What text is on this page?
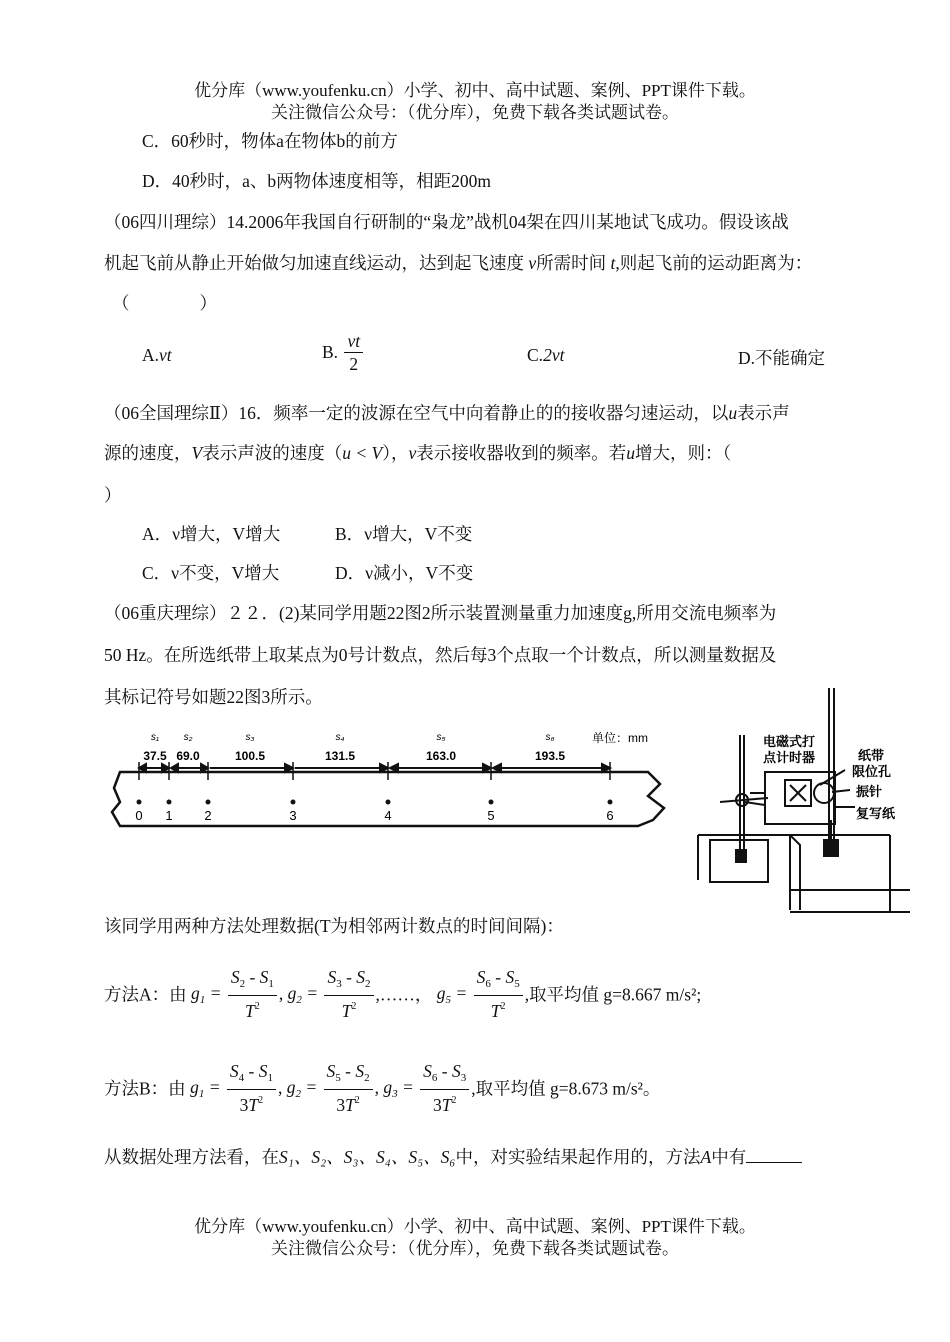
优分库（www.youfenku.cn）小学、初中、高中试题、案例、PPT课件下载。
关注微信公众号：（优分库），免费下载各类试题试卷。
C．60秒时，物体a在物体b的前方
D．40秒时，a、b两物体速度相等，相距200m
（06四川理综）14.2006年我国自行研制的“枭龙”战机04架在四川某地试飞成功。假设该战
机起飞前从静止开始做匀加速直线运动，达到起飞速度 v所需时间 t,则起飞前的运动距离为：
（　　　　）
A.vt	B. $\frac{vt}{2}$	C.2vt	D.不能确定
（06全国理综Ⅱ）16．频率一定的波源在空气中向着静止的的接收器匀速运动，以u表示声
源的速度，V表示声波的速度（u < V），ν表示接收器收到的频率。若u增大，则：（
）
A．ν增大，V增大	B．ν增大，V不变
C．ν不变，V增大	D．ν减小，V不变
（06重庆理综）２２．(2)某同学用题22图2所示装置测量重力加速度g,所用交流电频率为
50 Hz。在所选纸带上取某点为0号计数点，然后每3个点取一个计数点，所以测量数据及
其标记符号如题22图3所示。
s₁ s₂	s₃	s₄	s₅	s₆	单位：mm
37.5 69.0	100.5	131.5	163.0	193.5
0 1 2	3	4	5	6
电磁式打
点计时器	纸带
限位孔
振针
复写纸
该同学用两种方法处理数据(T为相邻两计数点的时间间隔)：
方法A：由 $g_1 = \frac{S_2 - S_1}{T^2}$ , $g_2 = \frac{S_3 - S_2}{T^2}$ ,……， $g_5 = \frac{S_6 - S_5}{T^2}$ ,取平均值 g=8.667 m/s²;
方法B：由 $g_1 = \frac{S_4 - S_1}{3T^2}$ , $g_2 = \frac{S_5 - S_2}{3T^2}$ , $g_3 = \frac{S_6 - S_3}{3T^2}$ ,取平均值 g=8.673 m/s²。
从数据处理方法看，在S₁、S₂、S₃、S₄、S₅、S₆中，对实验结果起作用的，方法A中有
优分库（www.youfenku.cn）小学、初中、高中试题、案例、PPT课件下载。
关注微信公众号：（优分库），免费下载各类试题试卷。
